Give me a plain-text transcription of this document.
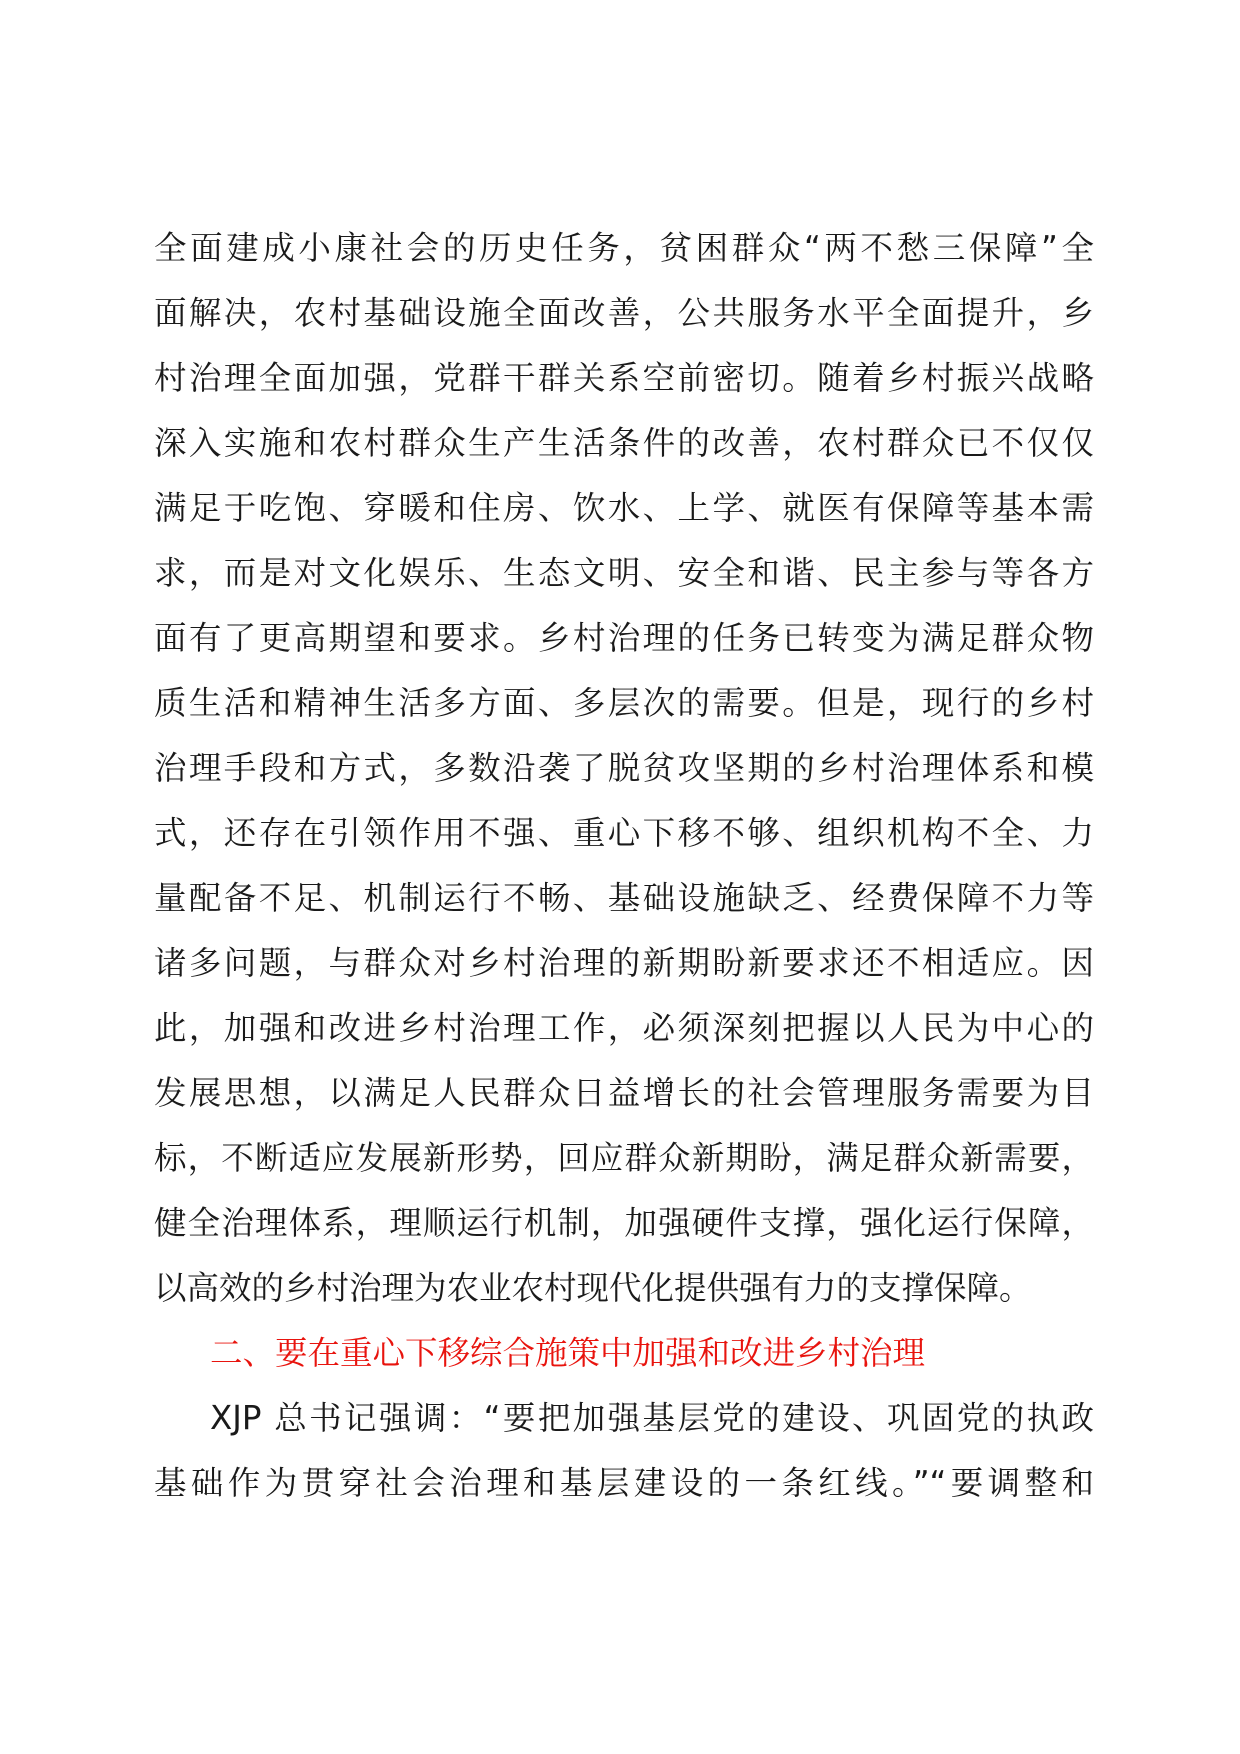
全面建成小康社会的历史任务，贫困群众“两不愁三保障”全
面解决，农村基础设施全面改善，公共服务水平全面提升，乡
村治理全面加强，党群干群关系空前密切。随着乡村振兴战略
深入实施和农村群众生产生活条件的改善，农村群众已不仅仅
满足于吃饱、穿暖和住房、饮水、上学、就医有保障等基本需
求，而是对文化娱乐、生态文明、安全和谐、民主参与等各方
面有了更高期望和要求。乡村治理的任务已转变为满足群众物
质生活和精神生活多方面、多层次的需要。但是，现行的乡村
治理手段和方式，多数沿袭了脱贫攻坚期的乡村治理体系和模
式，还存在引领作用不强、重心下移不够、组织机构不全、力
量配备不足、机制运行不畅、基础设施缺乏、经费保障不力等
诸多问题，与群众对乡村治理的新期盼新要求还不相适应。因
此，加强和改进乡村治理工作，必须深刻把握以人民为中心的
发展思想，以满足人民群众日益增长的社会管理服务需要为目
标，不断适应发展新形势，回应群众新期盼，满足群众新需要，
健全治理体系，理顺运行机制，加强硬件支撑，强化运行保障，
以高效的乡村治理为农业农村现代化提供强有力的支撑保障。
二、要在重心下移综合施策中加强和改进乡村治理
XJP 总书记强调：“要把加强基层党的建设、巩固党的执政
基础作为贯穿社会治理和基层建设的一条红线。”“要调整和
